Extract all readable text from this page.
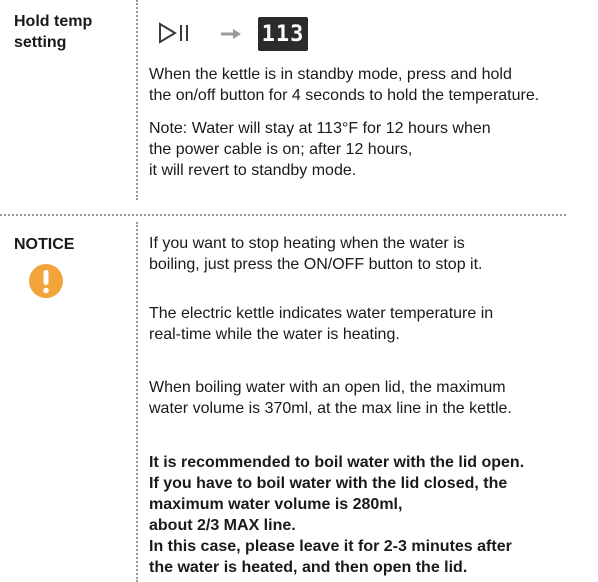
Hold temp
setting	113
When the kettle is in standby mode, press and hold
the on/off button for 4 seconds to hold the temperature.
Note: Water will stay at 113°F for 12 hours when
the power cable is on; after 12 hours,
it will revert to standby mode.
NOTICE	If you want to stop heating when the water is
boiling, just press the ON/OFF button to stop it.
The electric kettle indicates water temperature in
real-time while the water is heating.
When boiling water with an open lid, the maximum
water volume is 370ml, at the max line in the kettle.
It is recommended to boil water with the lid open.
If you have to boil water with the lid closed, the
maximum water volume is 280ml,
about 2/3 MAX line.
In this case, please leave it for 2-3 minutes after
the water is heated, and then open the lid.
